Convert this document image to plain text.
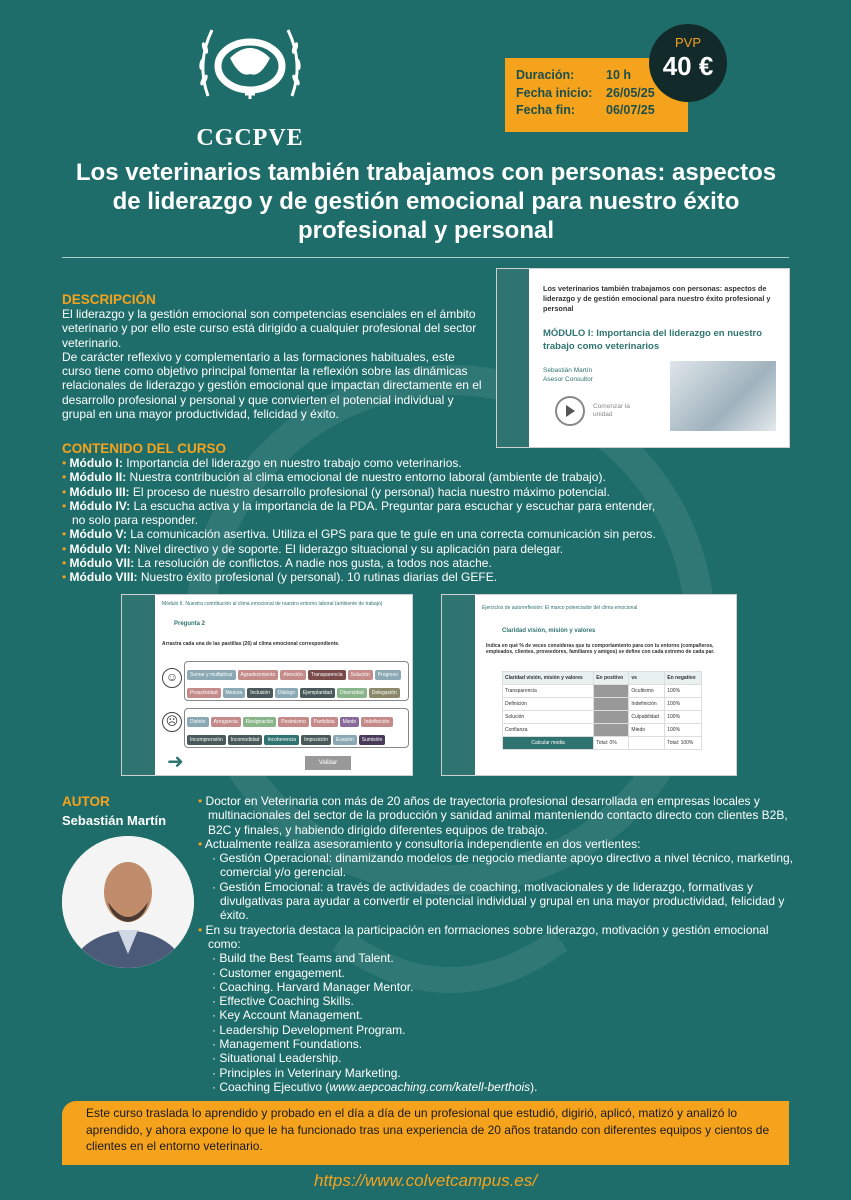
CGCPVE
Duración:	10 h
Fecha inicio: 26/05/25
Fecha fin: 06/07/25
PVP
40 €
Los veterinarios también trabajamos con personas: aspectos de liderazgo y de gestión emocional para nuestro éxito profesional y personal
DESCRIPCIÓN
El liderazgo y la gestión emocional son competencias esenciales en el ámbito veterinario y por ello este curso está dirigido a cualquier profesional del sector veterinario.
De carácter reflexivo y complementario a las formaciones habituales, este curso tiene como objetivo principal fomentar la reflexión sobre las dinámicas relacionales de liderazgo y gestión emocional que impactan directamente en el desarrollo profesional y personal y que convierten el potencial individual y grupal en una mayor productividad, felicidad y éxito.
Los veterinarios también trabajamos con personas: aspectos de liderazgo y de gestión emocional para nuestro éxito profesional y personal
MÓDULO I: Importancia del liderazgo en nuestro trabajo como veterinarios
Sebastián Martín
Asesor Consultor
Comenzar la unidad
CONTENIDO DEL CURSO
• Módulo I: Importancia del liderazgo en nuestro trabajo como veterinarios.
• Módulo II: Nuestra contribución al clima emocional de nuestro entorno laboral (ambiente de trabajo).
• Módulo III: El proceso de nuestro desarrollo profesional (y personal) hacia nuestro máximo potencial.
• Módulo IV: La escucha activa y la importancia de la PDA. Preguntar para escuchar y escuchar para entender,
no solo para responder.
• Módulo V: La comunicación asertiva. Utiliza el GPS para que te guíe en una correcta comunicación sin peros.
• Módulo VI: Nivel directivo y de soporte. El liderazgo situacional y su aplicación para delegar.
• Módulo VII: La resolución de conflictos. A nadie nos gusta, a todos nos atache.
• Módulo VIII: Nuestro éxito profesional (y personal). 10 rutinas diarias del GEFE.
Módulo II. Nuestra contribución al clima emocional de nuestro entorno laboral (ambiente de trabajo)
Pregunta 2
Arrastra cada una de las pastillas (26) al clima emocional correspondiente.
☺
☹
Sumar y multiplicar Agradecimiento Atención Transparencia Solución ProgresoProactividad Mesura Inclusión Diálogo Ejemplaridad Diversidad Delegación
Distrés Arrogancia Resignación Pesimismo Partidista Miedo IndefiniciónIncomprensión Incomodidad Incoherencia Imposición Evasión Sumisión
➜	Validar
Ejercicios de autorreflexión: El marco potenciador del clima emocional
Claridad visión, misión y valores
Indica en qué % de veces consideras que tu comportamiento para con tu entorno (compañeros, empleados, clientes, proveedores, familiares y amigos) se define con cada extremo de cada par.
Claridad visión, misión y valores	En positivo	vs	En negativo
Transparencia		Ocultismo	100%
Definición		Indefinición	100%
Solución		Culpabilidad	100%
Confianza		Miedo	100%
Calcular media	Total: 0%		Total: 100%
AUTOR
Sebastián Martín

• Doctor en Veterinaria con más de 20 años de trayectoria profesional desarrollada en empresas locales y multinacionales del sector de la producción y sanidad animal manteniendo contacto directo con clientes B2B, B2C y finales, y habiendo dirigido diferentes equipos de trabajo.

• Actualmente realiza asesoramiento y consultoría independiente en dos vertientes:

· Gestión Operacional: dinamizando modelos de negocio mediante apoyo directivo a nivel técnico, marketing, comercial y/o gerencial.

· Gestión Emocional: a través de actividades de coaching, motivacionales y de liderazgo, formativas y divulgativas para ayudar a convertir el potencial individual y grupal en una mayor productividad, felicidad y éxito.

• En su trayectoria destaca la participación en formaciones sobre liderazgo, motivación y gestión emocional como:

· Build the Best Teams and Talent.

· Customer engagement.

· Coaching. Harvard Manager Mentor.

· Effective Coaching Skills.

· Key Account Management.

· Leadership Development Program.

· Management Foundations.

· Situational Leadership.

· Principles in Veterinary Marketing.

· Coaching Ejecutivo (www.aepcoaching.com/katell-berthois).

Este curso traslada lo aprendido y probado en el día a día de un profesional que estudió, digirió, aplicó, matizó y analizó lo aprendido, y ahora expone lo que le ha funcionado tras una experiencia de 20 años tratando con diferentes equipos y cientos de clientes en el entorno veterinario.
https://www.colvetcampus.es/
